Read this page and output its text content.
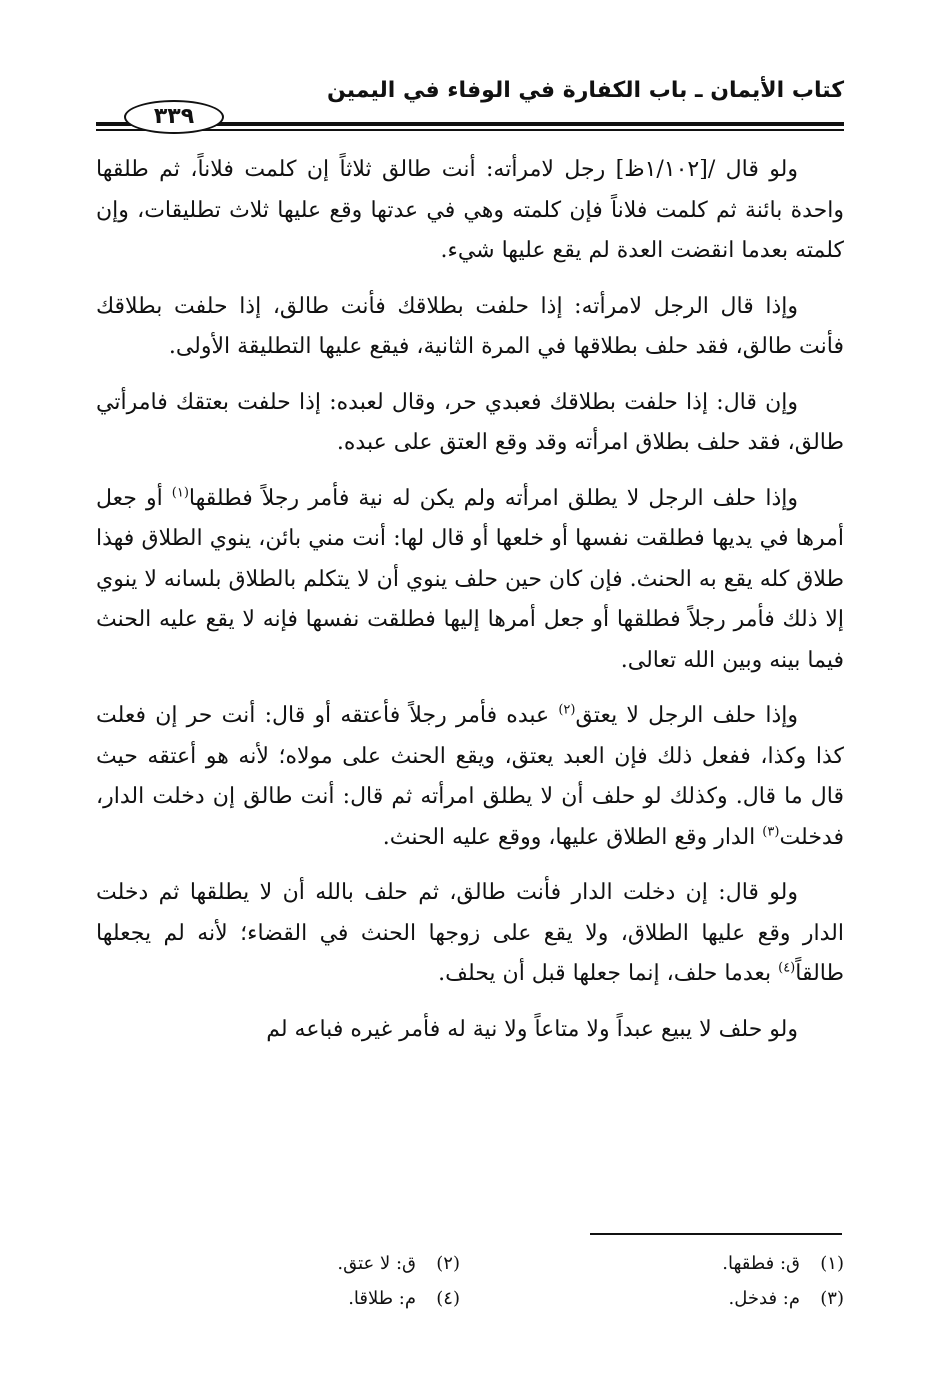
كتاب الأيمان ـ باب الكفارة في الوفاء في اليمين
٣٣٩

ولو قال /[١/١٠٢ظ] رجل لامرأته: أنت طالق ثلاثاً إن كلمت فلاناً، ثم طلقها واحدة بائنة ثم كلمت فلاناً فإن كلمته وهي في عدتها وقع عليها ثلاث تطليقات، وإن كلمته بعدما انقضت العدة لم يقع عليها شيء.

وإذا قال الرجل لامرأته: إذا حلفت بطلاقك فأنت طالق، إذا حلفت بطلاقك فأنت طالق، فقد حلف بطلاقها في المرة الثانية، فيقع عليها التطليقة الأولى.

وإن قال: إذا حلفت بطلاقك فعبدي حر، وقال لعبده: إذا حلفت بعتقك فامرأتي طالق، فقد حلف بطلاق امرأته وقد وقع العتق على عبده.

وإذا حلف الرجل لا يطلق امرأته ولم يكن له نية فأمر رجلاً فطلقها$^{(١)}$ أو جعل أمرها في يديها فطلقت نفسها أو خلعها أو قال لها: أنت مني بائن، ينوي الطلاق فهذا طلاق كله يقع به الحنث. فإن كان حين حلف ينوي أن لا يتكلم بالطلاق بلسانه لا ينوي إلا ذلك فأمر رجلاً فطلقها أو جعل أمرها إليها فطلقت نفسها فإنه لا يقع عليه الحنث فيما بينه وبين الله تعالى.

وإذا حلف الرجل لا يعتق$^{(٢)}$ عبده فأمر رجلاً فأعتقه أو قال: أنت حر إن فعلت كذا وكذا، ففعل ذلك فإن العبد يعتق، ويقع الحنث على مولاه؛ لأنه هو أعتقه حيث قال ما قال. وكذلك لو حلف أن لا يطلق امرأته ثم قال: أنت طالق إن دخلت الدار، فدخلت$^{(٣)}$ الدار وقع الطلاق عليها، ووقع عليه الحنث.

ولو قال: إن دخلت الدار فأنت طالق، ثم حلف بالله أن لا يطلقها ثم دخلت الدار وقع عليها الطلاق، ولا يقع على زوجها الحنث في القضاء؛ لأنه لم يجعلها طالقاً$^{(٤)}$ بعدما حلف، إنما جعلها قبل أن يحلف.

ولو حلف لا يبيع عبداً ولا متاعاً ولا نية له فأمر غيره فباعه لم

(١)
ق: فطقها.
(٢)
ق: لا عتق.
(٣)
م: فدخل.
(٤)
م: طلاقا.
